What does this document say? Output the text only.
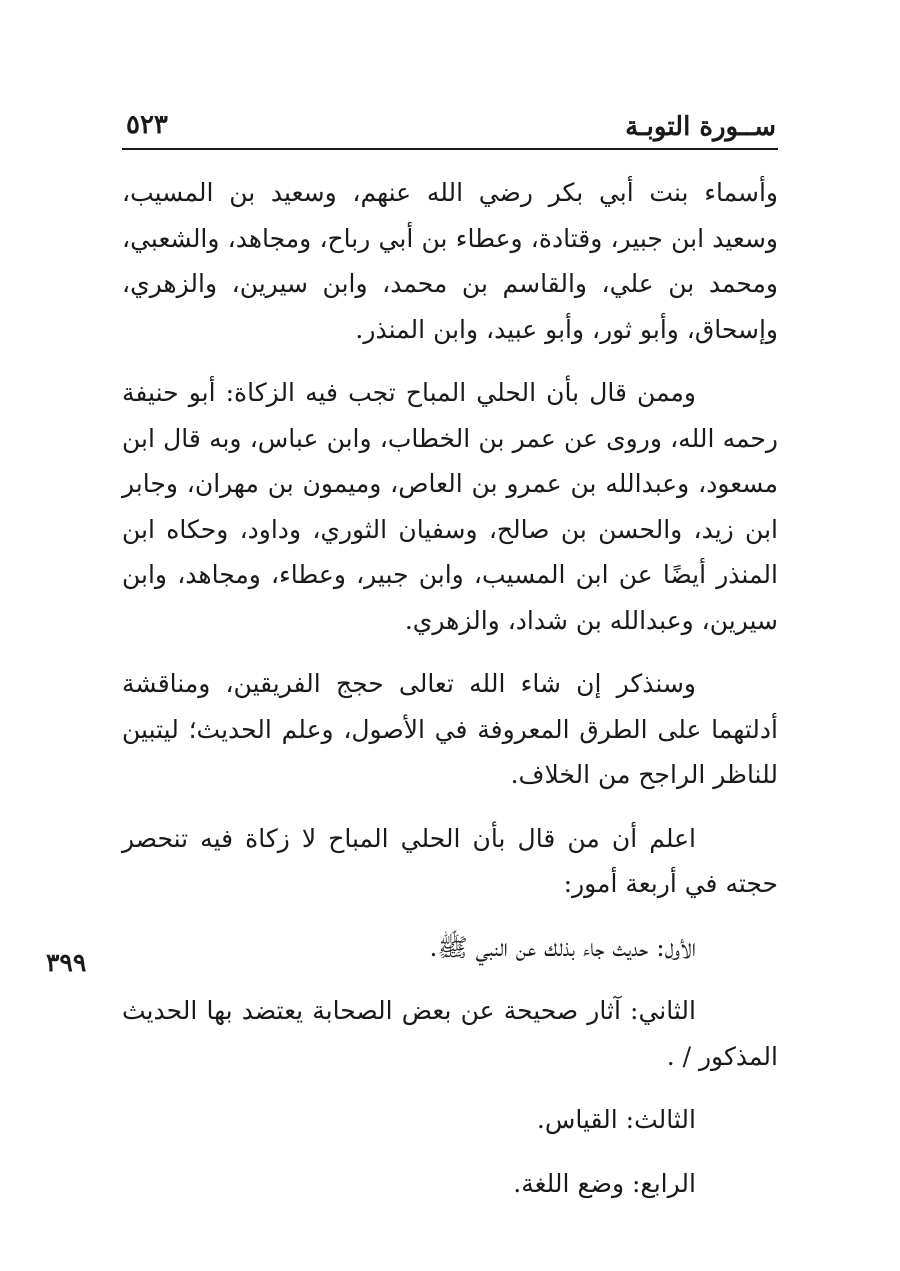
ســورة التوبـة
٥٢٣

وأسماء بنت أبي بكر رضي الله عنهم، وسعيد بن المسيب، وسعيد ابن جبير، وقتادة، وعطاء بن أبي رباح، ومجاهد، والشعبي، ومحمد بن علي، والقاسم بن محمد، وابن سيرين، والزهري، وإسحاق، وأبو ثور، وأبو عبيد، وابن المنذر.

وممن قال بأن الحلي المباح تجب فيه الزكاة: أبو حنيفة رحمه الله، وروى عن عمر بن الخطاب، وابن عباس، وبه قال ابن مسعود، وعبدالله بن عمرو بن العاص، وميمون بن مهران، وجابر ابن زيد، والحسن بن صالح، وسفيان الثوري، وداود، وحكاه ابن المنذر أيضًا عن ابن المسيب، وابن جبير، وعطاء، ومجاهد، وابن سيرين، وعبدالله بن شداد، والزهري.

وسنذكر إن شاء الله تعالى حجج الفريقين، ومناقشة أدلتهما على الطرق المعروفة في الأصول، وعلم الحديث؛ ليتبين للناظر الراجح من الخلاف.

اعلم أن من قال بأن الحلي المباح لا زكاة فيه تنحصر حجته في أربعة أمور:

الأول: حديث جاء بذلك عن النبي ﷺ.

الثاني: آثار صحيحة عن بعض الصحابة يعتضد بها الحديث المذكور / .

الثالث: القياس.

الرابع: وضع اللغة.

٣٩٩
